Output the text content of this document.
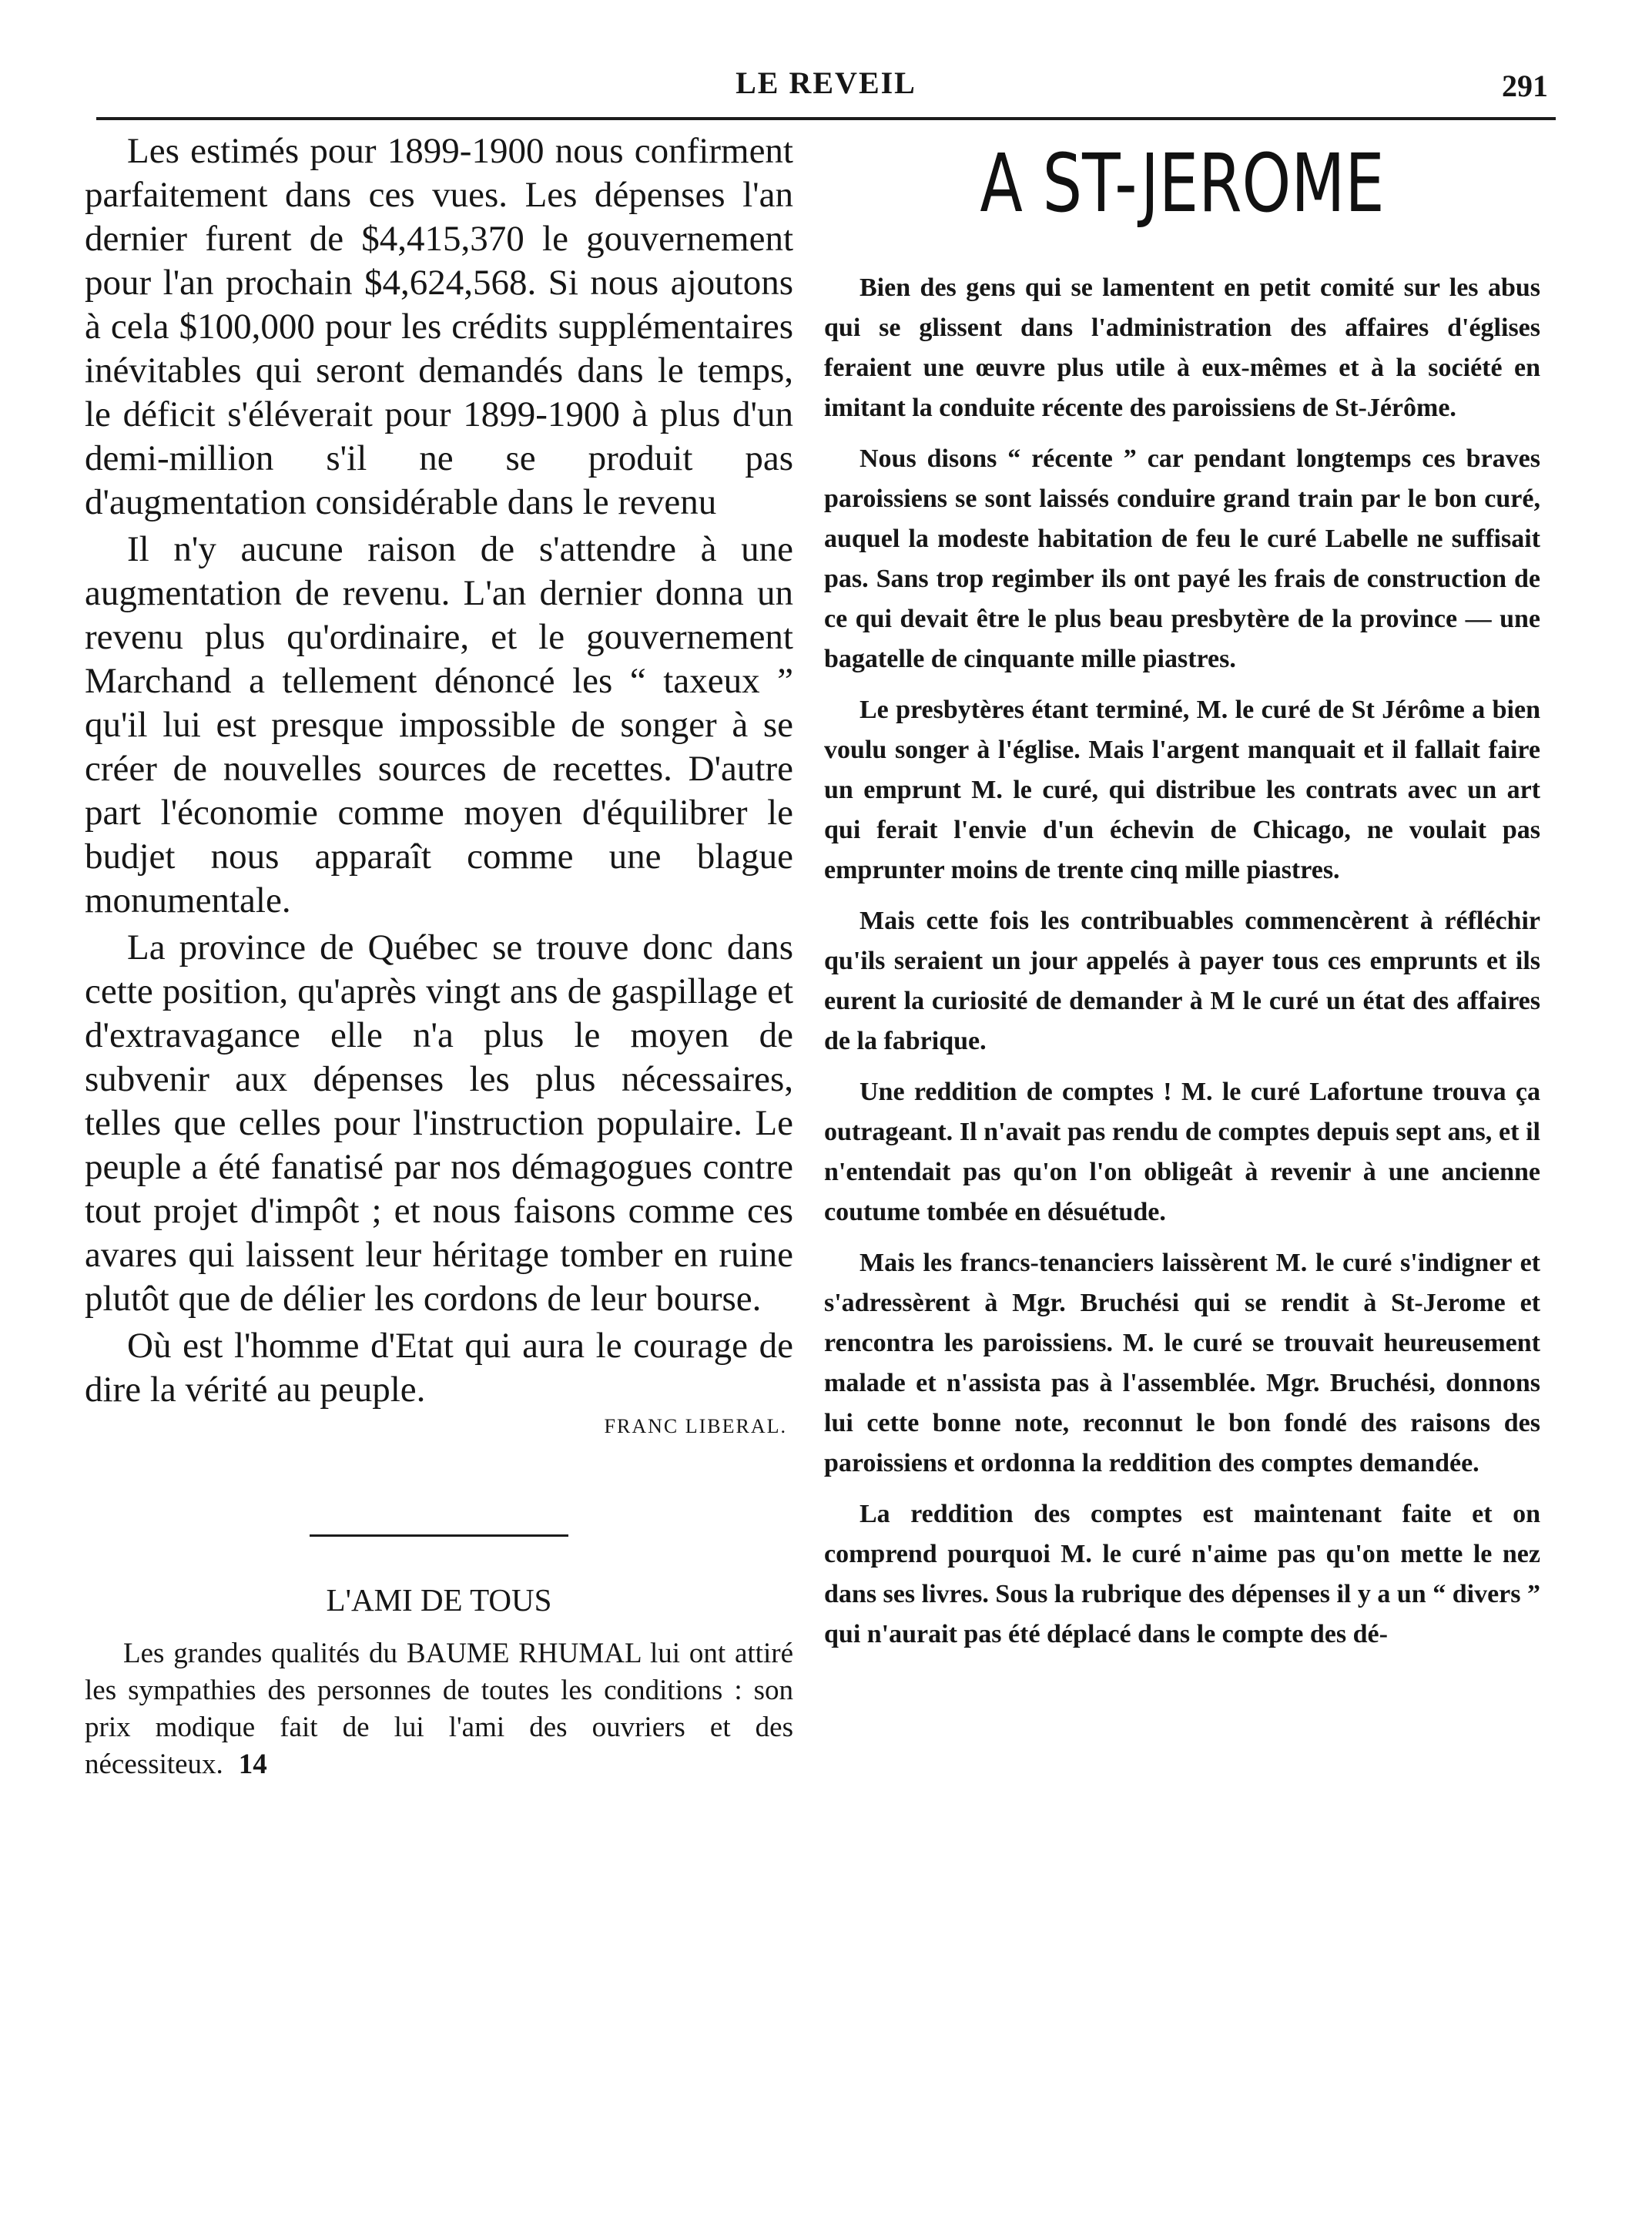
LE REVEIL	291

Les estimés pour 1899-1900 nous confirment parfaitement dans ces vues. Les dépenses l'an dernier furent de $4,415,370 le gouvernement pour l'an prochain $4,624,568. Si nous ajoutons à cela $100,000 pour les crédits supplémentaires inévitables qui seront demandés dans le temps, le déficit s'éléverait pour 1899-1900 à plus d'un demi-million s'il ne se produit pas d'augmentation considérable dans le revenu

Il n'y aucune raison de s'attendre à une augmentation de revenu. L'an dernier donna un revenu plus qu'ordinaire, et le gouvernement Marchand a tellement dénoncé les “ taxeux ” qu'il lui est presque impossible de songer à se créer de nouvelles sources de recettes. D'autre part l'économie comme moyen d'équilibrer le budjet nous apparaît comme une blague monumentale.

La province de Québec se trouve donc dans cette position, qu'après vingt ans de gaspillage et d'extravagance elle n'a plus le moyen de subvenir aux dépenses les plus nécessaires, telles que celles pour l'instruction populaire. Le peuple a été fanatisé par nos démagogues contre tout projet d'impôt ; et nous faisons comme ces avares qui laissent leur héritage tomber en ruine plutôt que de délier les cordons de leur bourse.

Où est l'homme d'Etat qui aura le courage de dire la vérité au peuple.

FRANC LIBERAL.
L'AMI DE TOUS

Les grandes qualités du BAUME RHUMAL lui ont attiré les sympathies des personnes de toutes les conditions : son prix modique fait de lui l'ami des ouvriers et des nécessiteux. 14

A ST-JEROME

Bien des gens qui se lamentent en petit comité sur les abus qui se glissent dans l'administration des affaires d'églises feraient une œuvre plus utile à eux-mêmes et à la société en imitant la conduite récente des paroissiens de St-Jérôme.

Nous disons “ récente ” car pendant longtemps ces braves paroissiens se sont laissés conduire grand train par le bon curé, auquel la modeste habitation de feu le curé Labelle ne suffisait pas. Sans trop regimber ils ont payé les frais de construction de ce qui devait être le plus beau presbytère de la province — une bagatelle de cinquante mille piastres.

Le presbytères étant terminé, M. le curé de St Jérôme a bien voulu songer à l'église. Mais l'argent manquait et il fallait faire un emprunt M. le curé, qui distribue les contrats avec un art qui ferait l'envie d'un échevin de Chicago, ne voulait pas emprunter moins de trente cinq mille piastres.

Mais cette fois les contribuables commencèrent à réfléchir qu'ils seraient un jour appelés à payer tous ces emprunts et ils eurent la curiosité de demander à M le curé un état des affaires de la fabrique.

Une reddition de comptes ! M. le curé Lafortune trouva ça outrageant. Il n'avait pas rendu de comptes depuis sept ans, et il n'entendait pas qu'on l'on obligeât à revenir à une ancienne coutume tombée en désuétude.

Mais les francs-tenanciers laissèrent M. le curé s'indigner et s'adressèrent à Mgr. Bruchési qui se rendit à St-Jerome et rencontra les paroissiens. M. le curé se trouvait heureusement malade et n'assista pas à l'assemblée. Mgr. Bruchési, donnons lui cette bonne note, reconnut le bon fondé des raisons des paroissiens et ordonna la reddition des comptes demandée.

La reddition des comptes est maintenant faite et on comprend pourquoi M. le curé n'aime pas qu'on mette le nez dans ses livres. Sous la rubrique des dépenses il y a un “ divers ” qui n'aurait pas été déplacé dans le compte des dé-
